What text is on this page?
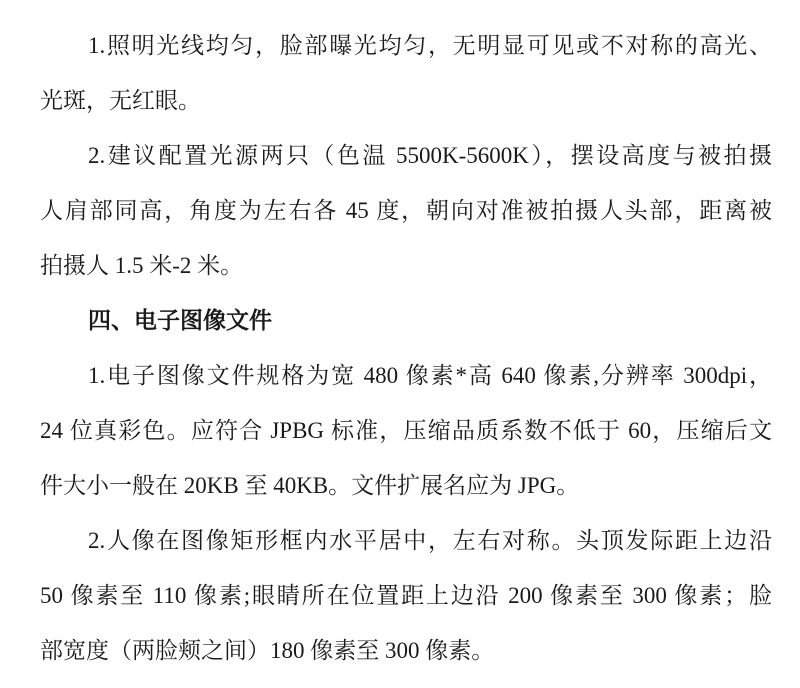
1.照明光线均匀，脸部曝光均匀，无明显可见或不对称的高光、
光斑，无红眼。
2.建议配置光源两只（色温 5500K-5600K），摆设高度与被拍摄
人肩部同高，角度为左右各 45 度，朝向对准被拍摄人头部，距离被
拍摄人 1.5 米-2 米。
四、电子图像文件
1.电子图像文件规格为宽 480 像素*高 640 像素,分辨率 300dpi，
24 位真彩色。应符合 JPBG 标准，压缩品质系数不低于 60，压缩后文
件大小一般在 20KB 至 40KB。文件扩展名应为 JPG。
2.人像在图像矩形框内水平居中，左右对称。头顶发际距上边沿
50 像素至 110 像素;眼睛所在位置距上边沿 200 像素至 300 像素；脸
部宽度（两脸颊之间）180 像素至 300 像素。
